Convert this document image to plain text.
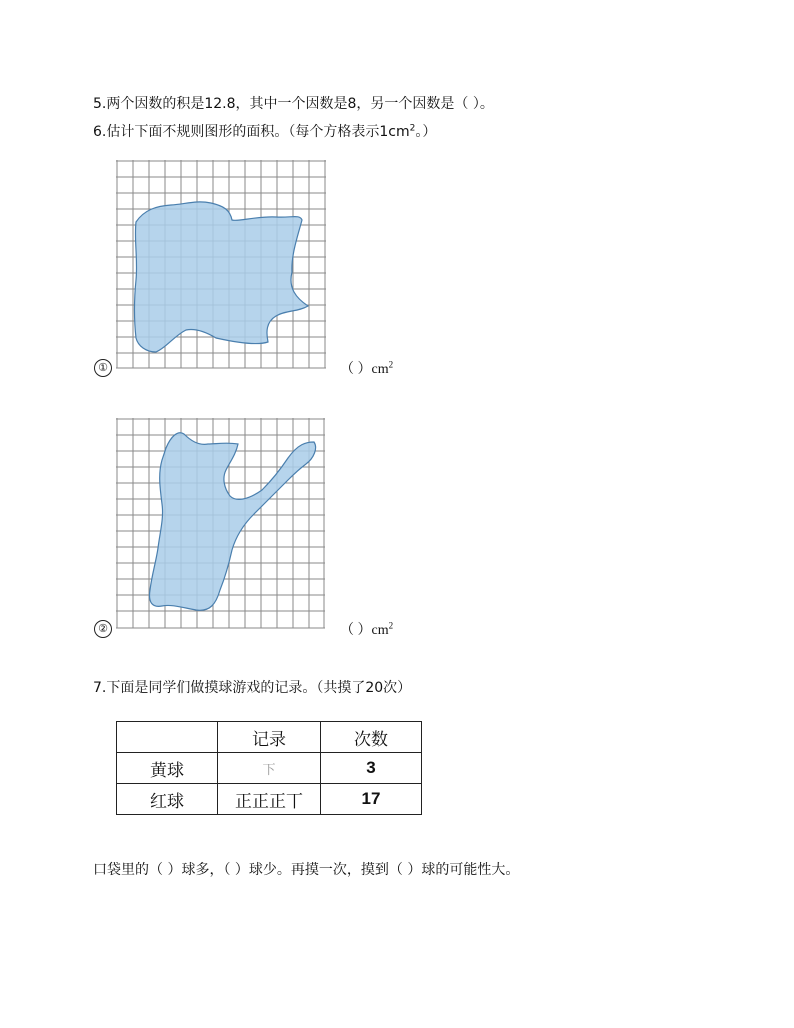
5.两个因数的积是12.8，其中一个因数是8，另一个因数是（ ）。
6.估计下面不规则图形的面积。（每个方格表示$1cm^2$。）
①	（ ）$cm^2$
②	（ ）$cm^2$
7.下面是同学们做摸球游戏的记录。（共摸了20次）
	记录	次数
黄球	下	3
红球	正正正丅	17
口袋里的（ ）球多，（ ）球少。再摸一次，摸到（ ）球的可能性大。
